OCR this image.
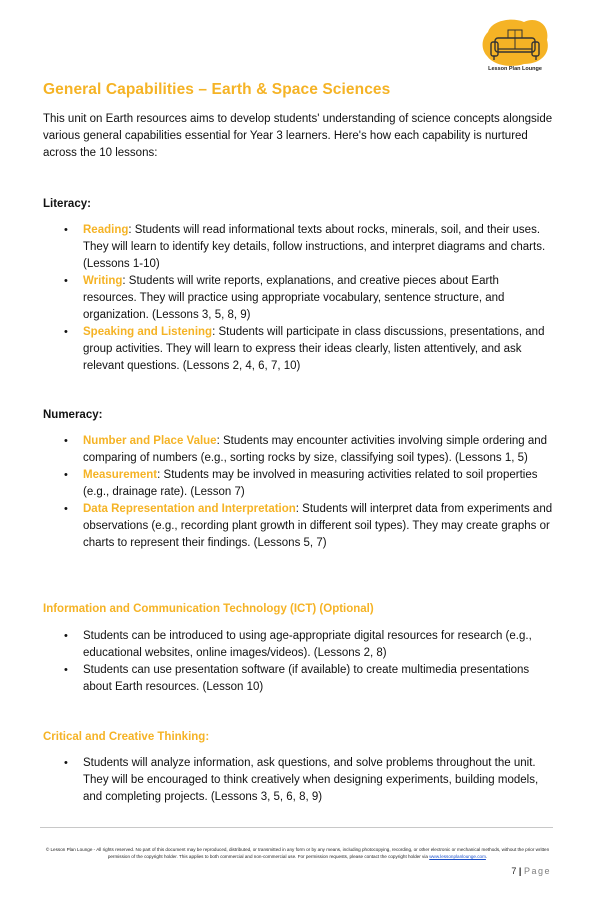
Lesson Plan Lounge
General Capabilities – Earth & Space Sciences

This unit on Earth resources aims to develop students' understanding of science concepts alongside various general capabilities essential for Year 3 learners. Here's how each capability is nurtured across the 10 lessons:

Literacy:
• Reading: Students will read informational texts about rocks, minerals, soil, and their uses. They will learn to identify key details, follow instructions, and interpret diagrams and charts. (Lessons 1-10)
• Writing: Students will write reports, explanations, and creative pieces about Earth resources. They will practice using appropriate vocabulary, sentence structure, and organization. (Lessons 3, 5, 8, 9)
• Speaking and Listening: Students will participate in class discussions, presentations, and group activities. They will learn to express their ideas clearly, listen attentively, and ask relevant questions. (Lessons 2, 4, 6, 7, 10)
Numeracy:
• Number and Place Value: Students may encounter activities involving simple ordering and comparing of numbers (e.g., sorting rocks by size, classifying soil types). (Lessons 1, 5)
• Measurement: Students may be involved in measuring activities related to soil properties (e.g., drainage rate). (Lesson 7)
• Data Representation and Interpretation: Students will interpret data from experiments and observations (e.g., recording plant growth in different soil types). They may create graphs or charts to represent their findings. (Lessons 5, 7)
Information and Communication Technology (ICT) (Optional)
• Students can be introduced to using age-appropriate digital resources for research (e.g., educational websites, online images/videos). (Lessons 2, 8)
• Students can use presentation software (if available) to create multimedia presentations about Earth resources. (Lesson 10)
Critical and Creative Thinking:
• Students will analyze information, ask questions, and solve problems throughout the unit. They will be encouraged to think creatively when designing experiments, building models, and completing projects. (Lessons 3, 5, 6, 8, 9)

© Lesson Plan Lounge - All rights reserved. No part of this document may be reproduced, distributed, or transmitted in any form or by any means, including photocopying, recording, or other electronic or mechanical methods, without the prior written permission of the copyright holder. This applies to both commercial and non-commercial use. For permission requests, please contact the copyright holder via www.lessonplanlounge.com.

7 | Page
